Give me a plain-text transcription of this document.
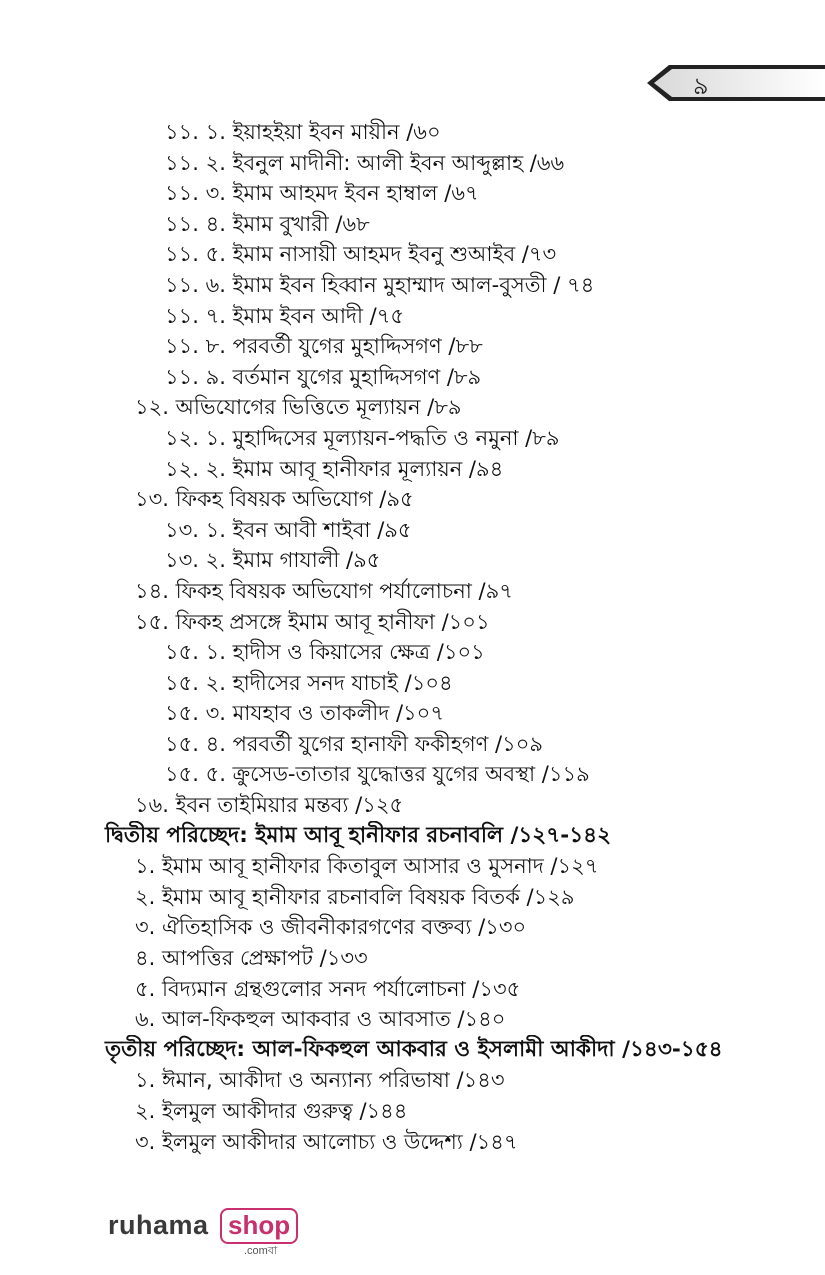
৯
১১. ১. ইয়াহইয়া ইবন মায়ীন /৬০
১১. ২. ইবনুল মাদীনী: আলী ইবন আব্দুল্লাহ /৬৬
১১. ৩. ইমাম আহমদ ইবন হাম্বাল /৬৭
১১. ৪. ইমাম বুখারী /৬৮
১১. ৫. ইমাম নাসায়ী আহমদ ইবনু শুআইব /৭৩
১১. ৬. ইমাম ইবন হিব্বান মুহাম্মাদ আল-বুসতী / ৭৪
১১. ৭. ইমাম ইবন আদী /৭৫
১১. ৮. পরবর্তী যুগের মুহাদ্দিসগণ /৮৮
১১. ৯. বর্তমান যুগের মুহাদ্দিসগণ /৮৯
১২. অভিযোগের ভিত্তিতে মূল্যায়ন /৮৯
১২. ১. মুহাদ্দিসের মূল্যায়ন-পদ্ধতি ও নমুনা /৮৯
১২. ২. ইমাম আবূ হানীফার মূল্যায়ন /৯৪
১৩. ফিকহ বিষয়ক অভিযোগ /৯৫
১৩. ১. ইবন আবী শাইবা /৯৫
১৩. ২. ইমাম গাযালী /৯৫
১৪. ফিকহ বিষয়ক অভিযোগ পর্যালোচনা /৯৭
১৫. ফিকহ প্রসঙ্গে ইমাম আবূ হানীফা /১০১
১৫. ১. হাদীস ও কিয়াসের ক্ষেত্র /১০১
১৫. ২. হাদীসের সনদ যাচাই /১০৪
১৫. ৩. মাযহাব ও তাকলীদ /১০৭
১৫. ৪. পরবর্তী যুগের হানাফী ফকীহগণ /১০৯
১৫. ৫. ক্রুসেড-তাতার যুদ্ধোত্তর যুগের অবস্থা /১১৯
১৬. ইবন তাইমিয়ার মন্তব্য /১২৫
দ্বিতীয় পরিচ্ছেদ: ইমাম আবূ হানীফার রচনাবলি /১২৭-১৪২
১. ইমাম আবূ হানীফার কিতাবুল আসার ও মুসনাদ /১২৭
২. ইমাম আবূ হানীফার রচনাবলি বিষয়ক বিতর্ক /১২৯
৩. ঐতিহাসিক ও জীবনীকারগণের বক্তব্য /১৩০
৪. আপত্তির প্রেক্ষাপট /১৩৩
৫. বিদ্যমান গ্রন্থগুলোর সনদ পর্যালোচনা /১৩৫
৬. আল-ফিকহুল আকবার ও আবসাত /১৪০
তৃতীয় পরিচ্ছেদ: আল-ফিকহুল আকবার ও ইসলামী আকীদা /১৪৩-১৫৪
১. ঈমান, আকীদা ও অন্যান্য পরিভাষা /১৪৩
২. ইলমুল আকীদার গুরুত্ব /১৪৪
৩. ইলমুল আকীদার আলোচ্য ও উদ্দেশ্য /১৪৭
ruhama shop
.comবা
